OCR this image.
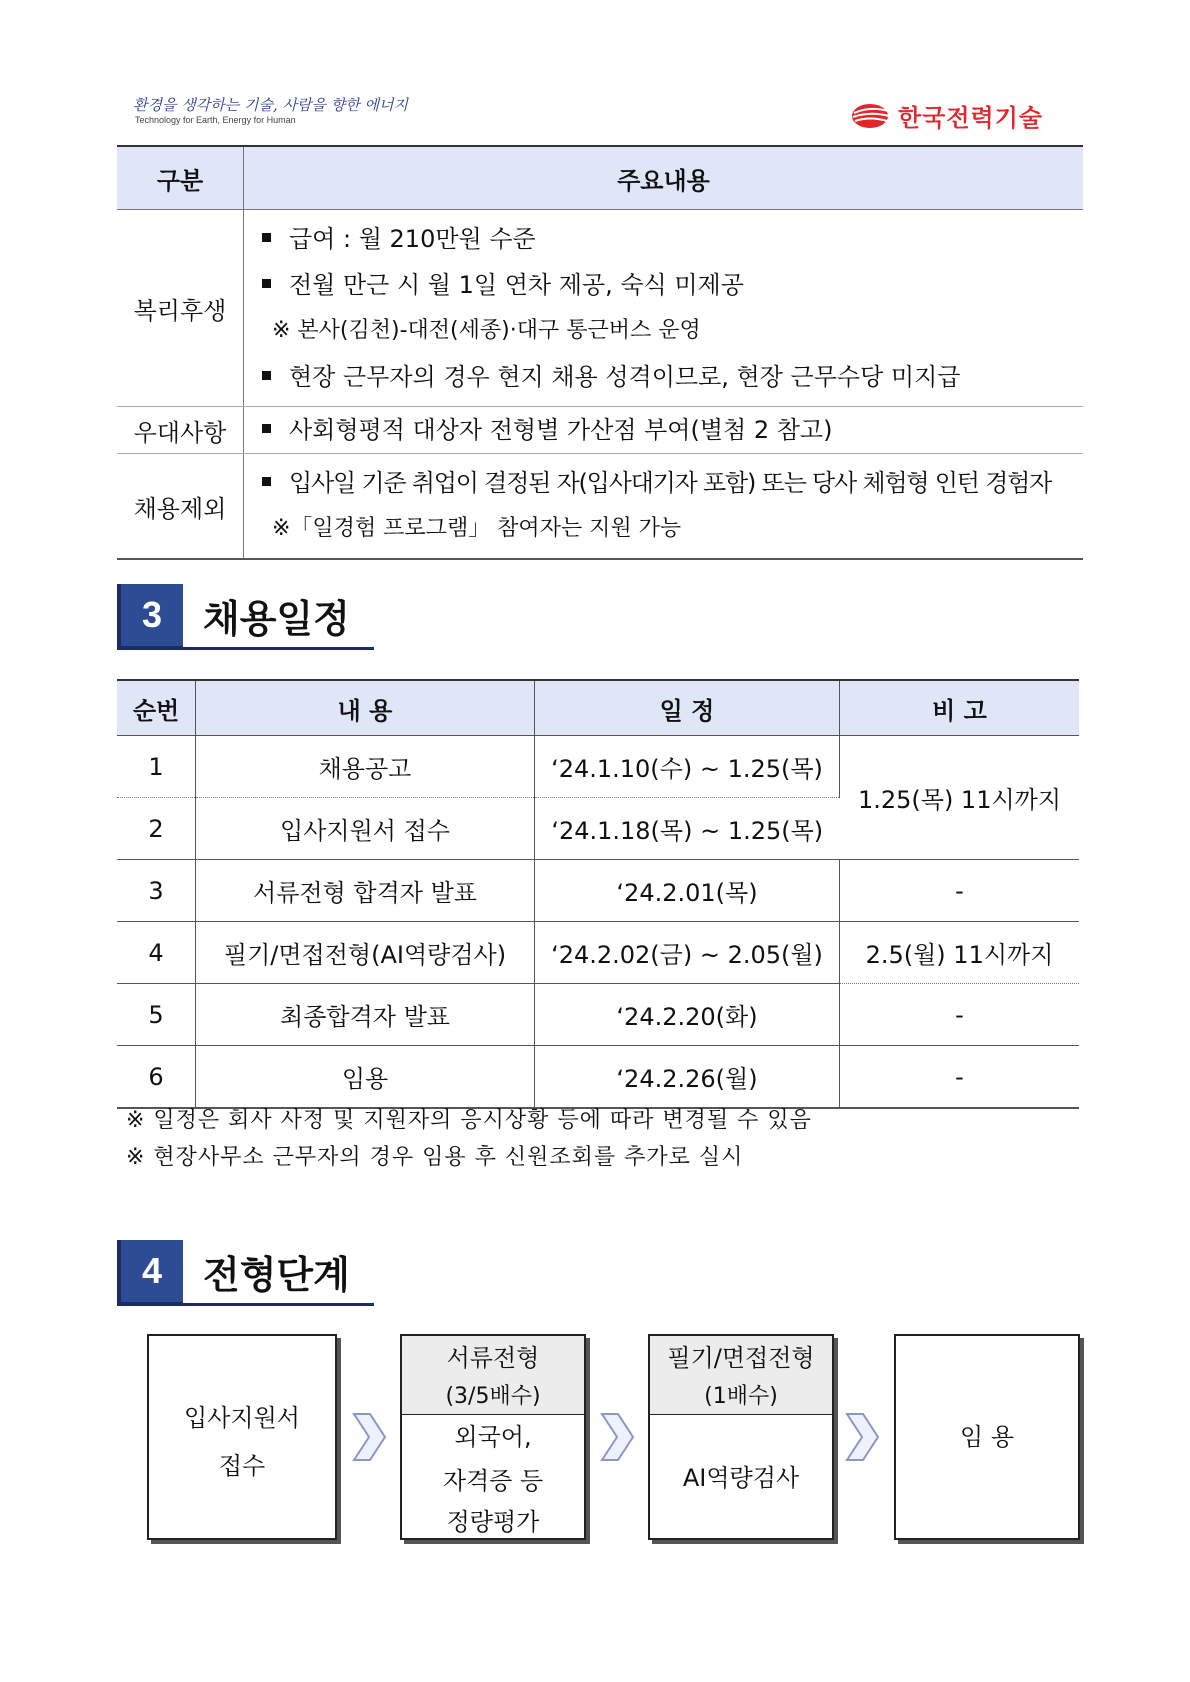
환경을 생각하는 기술, 사람을 향한 에너지
Technology for Earth, Energy for Human	한국전력기술
구분	주요내용
복리후생	급여 : 월 210만원 수준
전월 만근 시 월 1일 연차 제공, 숙식 미제공
※ 본사(김천)-대전(세종)·대구 통근버스 운영
현장 근무자의 경우 현지 채용 성격이므로, 현장 근무수당 미지급

우대사항	사회형평적 대상자 전형별 가산점 부여(별첨 2 참고)

채용제외	입사일 기준 취업이 결정된 자(입사대기자 포함) 또는 당사 체험형 인턴 경험자
※「일경험 프로그램」 참여자는 지원 가능
3	채용일정
순번	내 용	일 정	비 고
1	채용공고	‘24.1.10(수) ~ 1.25(목)	1.25(목) 11시까지
2	입사지원서 접수	‘24.1.18(목) ~ 1.25(목)	
3	서류전형 합격자 발표	‘24.2.01(목)	-
4	필기/면접전형(AI역량검사)	‘24.2.02(금) ~ 2.05(월)	2.5(월) 11시까지
5	최종합격자 발표	‘24.2.20(화)	-
6	임용	‘24.2.26(월)	-
※ 일정은 회사 사정 및 지원자의 응시상황 등에 따라 변경될 수 있음
※ 현장사무소 근무자의 경우 임용 후 신원조회를 추가로 실시
4	전형단계
입사지원서
접수
서류전형
(3/5배수)
외국어,
자격증 등
정량평가
필기/면접전형
(1배수)
AI역량검사
임 용
